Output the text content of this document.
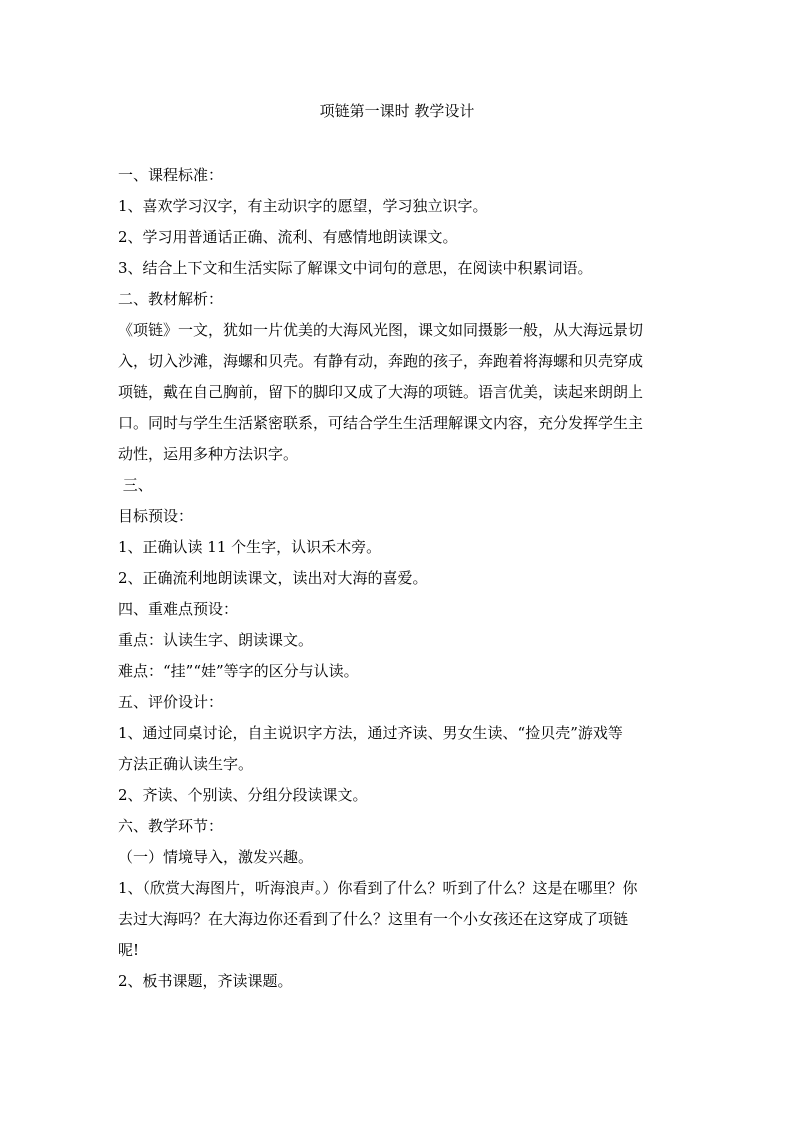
项链第一课时 教学设计
一、课程标准：
1、喜欢学习汉字，有主动识字的愿望，学习独立识字。
2、学习用普通话正确、流利、有感情地朗读课文。
3、结合上下文和生活实际了解课文中词句的意思，在阅读中积累词语。
二、教材解析：
《项链》一文，犹如一片优美的大海风光图，课文如同摄影一般，从大海远景切
入，切入沙滩，海螺和贝壳。有静有动，奔跑的孩子，奔跑着将海螺和贝壳穿成
项链，戴在自己胸前，留下的脚印又成了大海的项链。语言优美，读起来朗朗上
口。同时与学生生活紧密联系，可结合学生生活理解课文内容，充分发挥学生主
动性，运用多种方法识字。
三、
目标预设：
1、正确认读 11 个生字，认识禾木旁。
2、正确流利地朗读课文，读出对大海的喜爱。
四、重难点预设：
重点：认读生字、朗读课文。
难点：“挂”“娃”等字的区分与认读。
五、评价设计：
1、通过同桌讨论，自主说识字方法，通过齐读、男女生读、“捡贝壳”游戏等
方法正确认读生字。
2、齐读、个别读、分组分段读课文。
六、教学环节：
（一）情境导入，激发兴趣。
1、（欣赏大海图片，听海浪声。）你看到了什么？听到了什么？这是在哪里？你
去过大海吗？在大海边你还看到了什么？这里有一个小女孩还在这穿成了项链
呢!
2、板书课题，齐读课题。
